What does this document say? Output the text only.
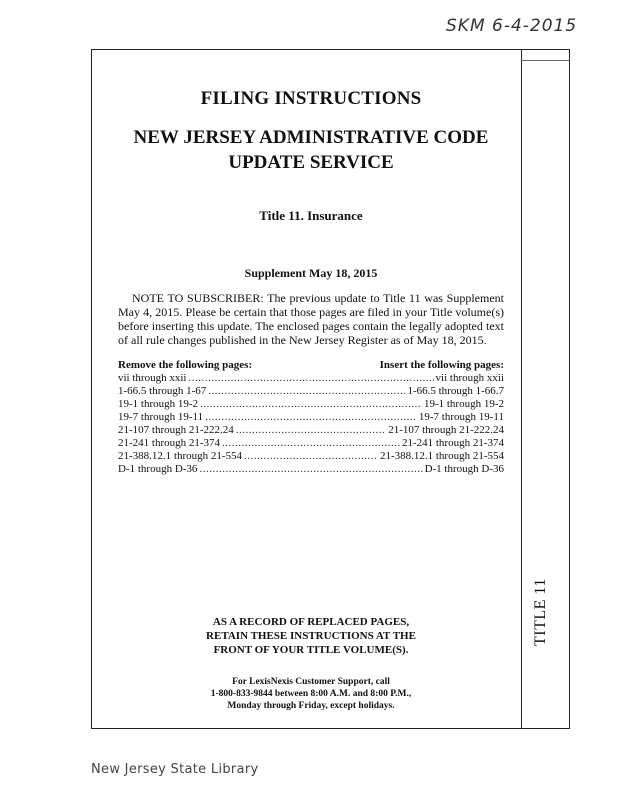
SKM 6-4-2015
TITLE 11
FILING INSTRUCTIONS
NEW JERSEY ADMINISTRATIVE CODE
UPDATE SERVICE
Title 11. Insurance
Supplement May 18, 2015

NOTE TO SUBSCRIBER: The previous update to Title 11 was Supplement May 4, 2015. Please be certain that those pages are filed in your Title volume(s) before inserting this update. The enclosed pages contain the legally adopted text of all rule changes published in the New Jersey Register as of May 18, 2015.

Remove the following pages:	Insert the following pages:
vii through xxii .....	vii through xxii
1-66.5 through 1-67 .....	1-66.5 through 1-66.7
19-1 through 19-2 .....	19-1 through 19-2
19-7 through 19-11 .....	19-7 through 19-11
21-107 through 21-222.24 .....	21-107 through 21-222.24
21-241 through 21-374 .....	21-241 through 21-374
21-388.12.1 through 21-554 .....	21-388.12.1 through 21-554
D-1 through D-36 .....	D-1 through D-36
AS A RECORD OF REPLACED PAGES,
RETAIN THESE INSTRUCTIONS AT THE
FRONT OF YOUR TITLE VOLUME(S).
For LexisNexis Customer Support, call
1-800-833-9844 between 8:00 A.M. and 8:00 P.M.,
Monday through Friday, except holidays.
New Jersey State Library
